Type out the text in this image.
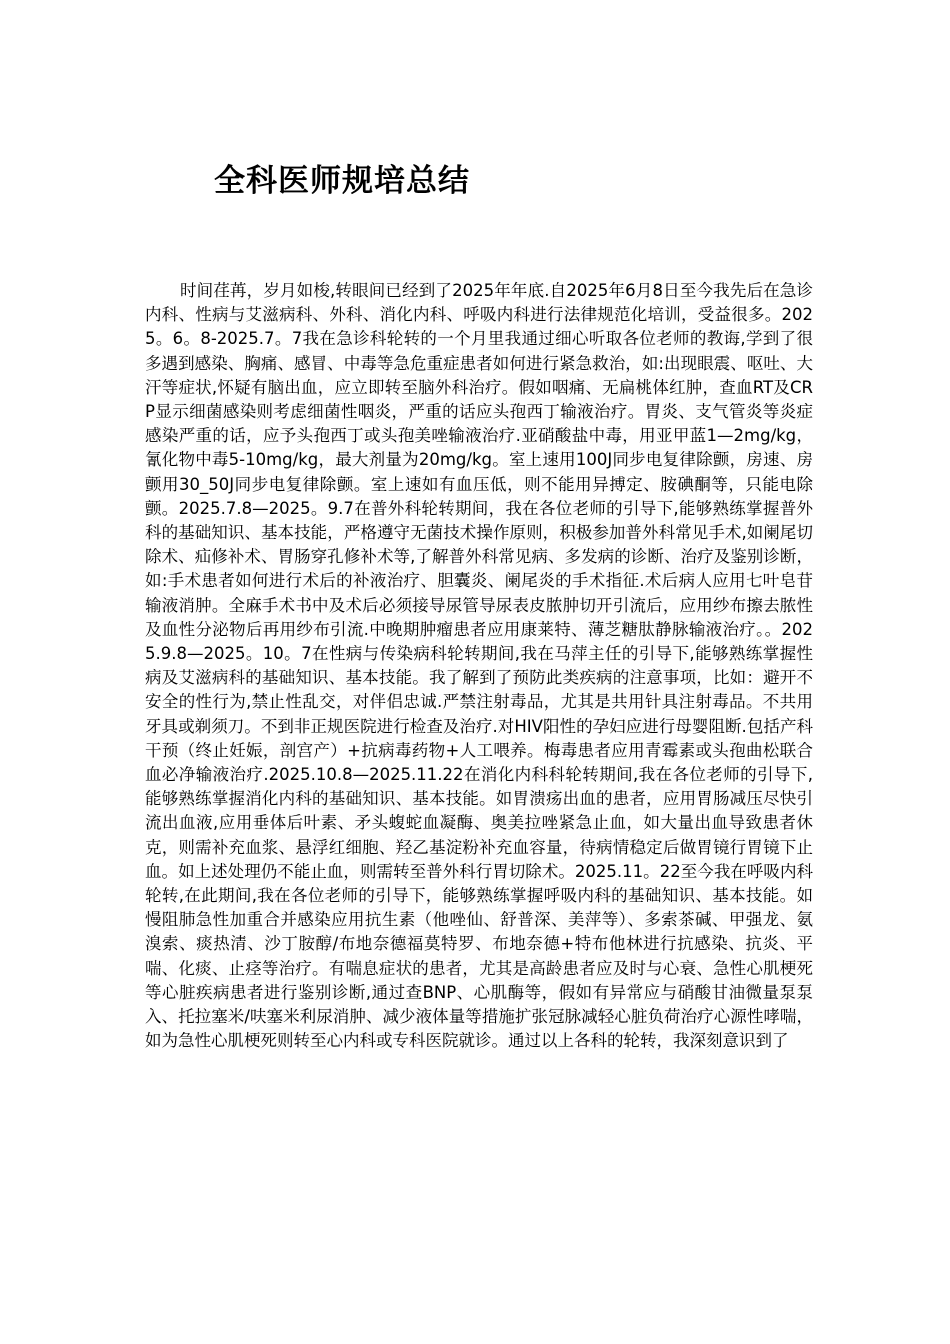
全科医师规培总结

时间荏苒，岁月如梭,转眼间已经到了2025年年底.自2025年6月8日至今我先后在急诊内科、性病与艾滋病科、外科、消化内科、呼吸内科进行法律规范化培训，受益很多。2025。6。8-2025.7。7我在急诊科轮转的一个月里我通过细心听取各位老师的教诲,学到了很多遇到感染、胸痛、感冒、中毒等急危重症患者如何进行紧急救治，如:出现眼震、呕吐、大汗等症状,怀疑有脑出血，应立即转至脑外科治疗。假如咽痛、无扁桃体红肿，查血RT及CRP显示细菌感染则考虑细菌性咽炎，严重的话应头孢西丁输液治疗。胃炎、支气管炎等炎症感染严重的话，应予头孢西丁或头孢美唑输液治疗.亚硝酸盐中毒，用亚甲蓝1—2mg/kg，氰化物中毒5-10mg/kg，最大剂量为20mg/kg。室上速用100J同步电复律除颤，房速、房颤用30_50J同步电复律除颤。室上速如有血压低，则不能用异搏定、胺碘酮等，只能电除颤。2025.7.8—2025。9.7在普外科轮转期间，我在各位老师的引导下,能够熟练掌握普外科的基础知识、基本技能，严格遵守无菌技术操作原则，积极参加普外科常见手术,如阑尾切除术、疝修补术、胃肠穿孔修补术等,了解普外科常见病、多发病的诊断、治疗及鉴别诊断，如:手术患者如何进行术后的补液治疗、胆囊炎、阑尾炎的手术指征.术后病人应用七叶皂苷输液消肿。全麻手术书中及术后必须接导尿管导尿表皮脓肿切开引流后，应用纱布擦去脓性及血性分泌物后再用纱布引流.中晚期肿瘤患者应用康莱特、薄芝糖肽静脉输液治疗。。2025.9.8—2025。10。7在性病与传染病科轮转期间,我在马萍主任的引导下,能够熟练掌握性病及艾滋病科的基础知识、基本技能。我了解到了预防此类疾病的注意事项，比如：避开不安全的性行为,禁止性乱交，对伴侣忠诚.严禁注射毒品，尤其是共用针具注射毒品。不共用牙具或剃须刀。不到非正规医院进行检查及治疗.对HIV阳性的孕妇应进行母婴阻断.包括产科干预（终止妊娠，剖宫产）+抗病毒药物+人工喂养。梅毒患者应用青霉素或头孢曲松联合血必净输液治疗.2025.10.8—2025.11.22在消化内科科轮转期间,我在各位老师的引导下,能够熟练掌握消化内科的基础知识、基本技能。如胃溃疡出血的患者，应用胃肠减压尽快引流出血液,应用垂体后叶素、矛头蝮蛇血凝酶、奥美拉唑紧急止血，如大量出血导致患者休克，则需补充血浆、悬浮红细胞、羟乙基淀粉补充血容量，待病情稳定后做胃镜行胃镜下止血。如上述处理仍不能止血，则需转至普外科行胃切除术。2025.11。22至今我在呼吸内科轮转,在此期间,我在各位老师的引导下，能够熟练掌握呼吸内科的基础知识、基本技能。如慢阻肺急性加重合并感染应用抗生素（他唑仙、舒普深、美萍等）、多索茶碱、甲强龙、氨溴索、痰热清、沙丁胺醇/布地奈德福莫特罗、布地奈德+特布他林进行抗感染、抗炎、平喘、化痰、止痉等治疗。有喘息症状的患者，尤其是高龄患者应及时与心衰、急性心肌梗死等心脏疾病患者进行鉴别诊断,通过查BNP、心肌酶等，假如有异常应与硝酸甘油微量泵泵入、托拉塞米/呋塞米利尿消肿、减少液体量等措施扩张冠脉减轻心脏负荷治疗心源性哮喘，如为急性心肌梗死则转至心内科或专科医院就诊。通过以上各科的轮转，我深刻意识到了
